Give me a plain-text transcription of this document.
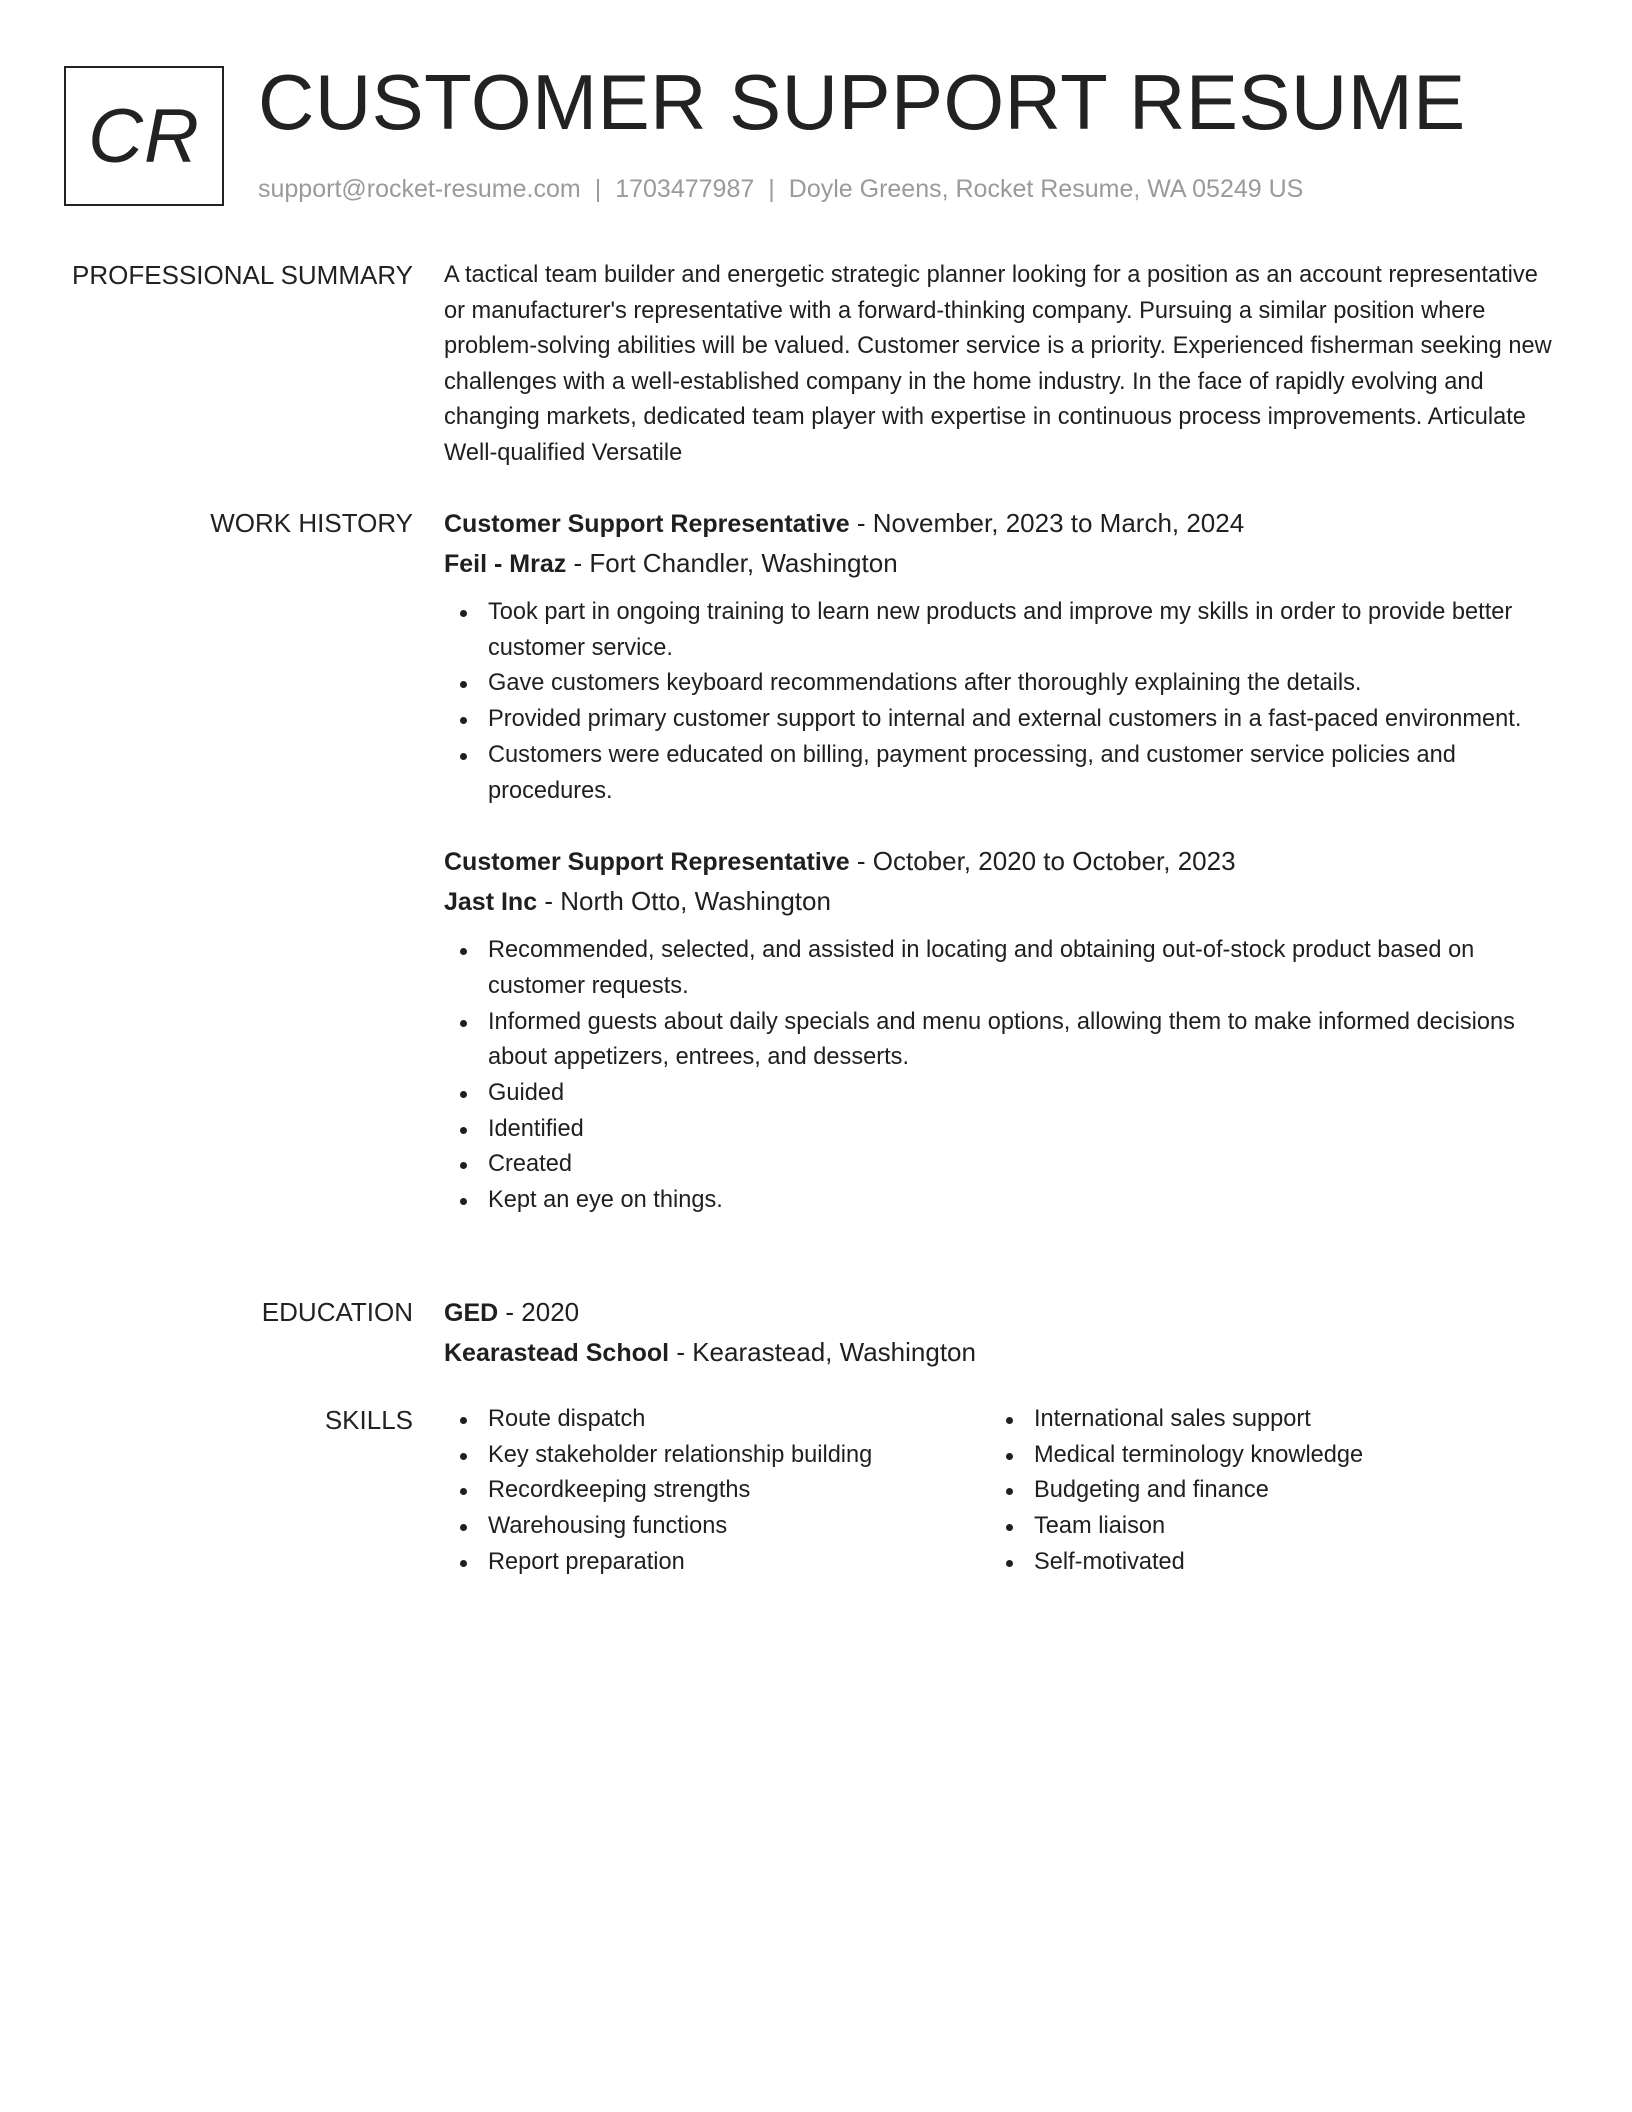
CR CUSTOMER SUPPORT RESUME
support@rocket-resume.com | 1703477987 | Doyle Greens, Rocket Resume, WA 05249 US
PROFESSIONAL SUMMARY A tactical team builder and energetic strategic planner looking for a position as an account representative or manufacturer's representative with a forward-thinking company. Pursuing a similar position where problem-solving abilities will be valued. Customer service is a priority. Experienced fisherman seeking new challenges with a well-established company in the home industry. In the face of rapidly evolving and changing markets, dedicated team player with expertise in continuous process improvements. Articulate Well-qualified Versatile

WORK HISTORY Customer Support Representative - November, 2023 to March, 2024
Feil - Mraz - Fort Chandler, Washington
Took part in ongoing training to learn new products and improve my skills in order to provide better customer service.
Gave customers keyboard recommendations after thoroughly explaining the details.
Provided primary customer support to internal and external customers in a fast-paced environment.
Customers were educated on billing, payment processing, and customer service policies and procedures.
Customer Support Representative - October, 2020 to October, 2023
Jast Inc - North Otto, Washington
Recommended, selected, and assisted in locating and obtaining out-of-stock product based on customer requests.
Informed guests about daily specials and menu options, allowing them to make informed decisions about appetizers, entrees, and desserts.
Guided
Identified
Created
Kept an eye on things.
EDUCATION GED - 2020
Kearastead School - Kearastead, Washington
SKILLS	Route dispatch
Key stakeholder relationship building
Recordkeeping strengths
Warehousing functions
Report preparation
International sales support
Medical terminology knowledge
Budgeting and finance
Team liaison
Self-motivated
